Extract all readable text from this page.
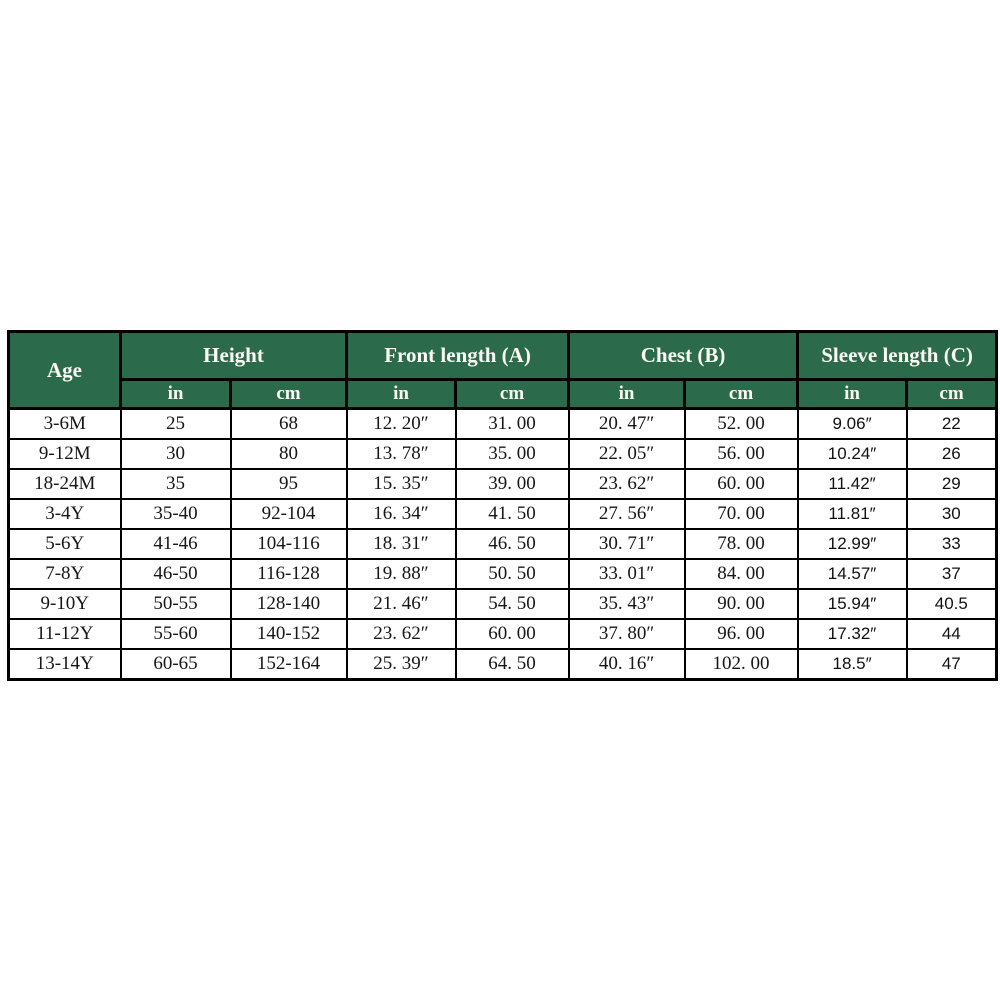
Age	Height		Front length (A)		Chest (B)		Sleeve length (C)	
	in	cm	in	cm	in	cm	in	cm
3-6M	25	68	12. 20″	31. 00	20. 47″	52. 00	9.06″	22
9-12M	30	80	13. 78″	35. 00	22. 05″	56. 00	10.24″	26
18-24M	35	95	15. 35″	39. 00	23. 62″	60. 00	11.42″	29
3-4Y	35-40	92-104	16. 34″	41. 50	27. 56″	70. 00	11.81″	30
5-6Y	41-46	104-116	18. 31″	46. 50	30. 71″	78. 00	12.99″	33
7-8Y	46-50	116-128	19. 88″	50. 50	33. 01″	84. 00	14.57″	37
9-10Y	50-55	128-140	21. 46″	54. 50	35. 43″	90. 00	15.94″	40.5
11-12Y	55-60	140-152	23. 62″	60. 00	37. 80″	96. 00	17.32″	44
13-14Y	60-65	152-164	25. 39″	64. 50	40. 16″	102. 00	18.5″	47
